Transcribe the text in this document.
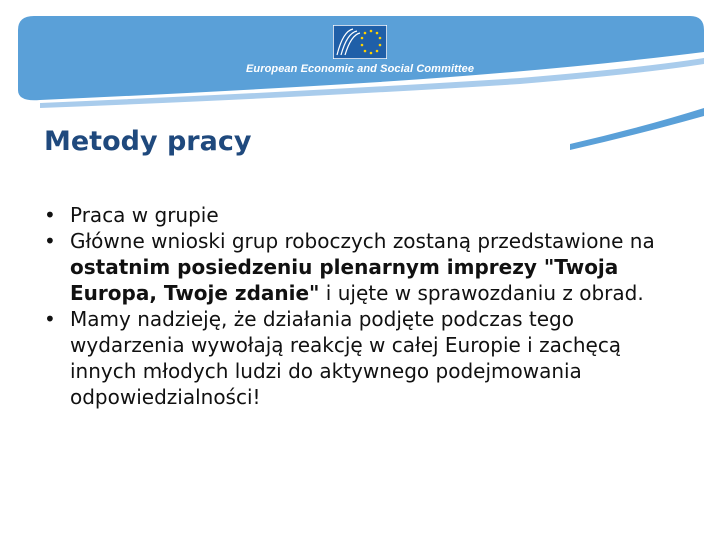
European Economic and Social Committee
Metody pracy
• Praca w grupie
• Główne wnioski grup roboczych zostaną przedstawione na ostatnim posiedzeniu plenarnym imprezy "Twoja Europa, Twoje zdanie" i ujęte w sprawozdaniu z obrad.
• Mamy nadzieję, że działania podjęte podczas tego wydarzenia wywołają reakcję w całej Europie i zachęcą innych młodych ludzi do aktywnego podejmowania odpowiedzialności!
